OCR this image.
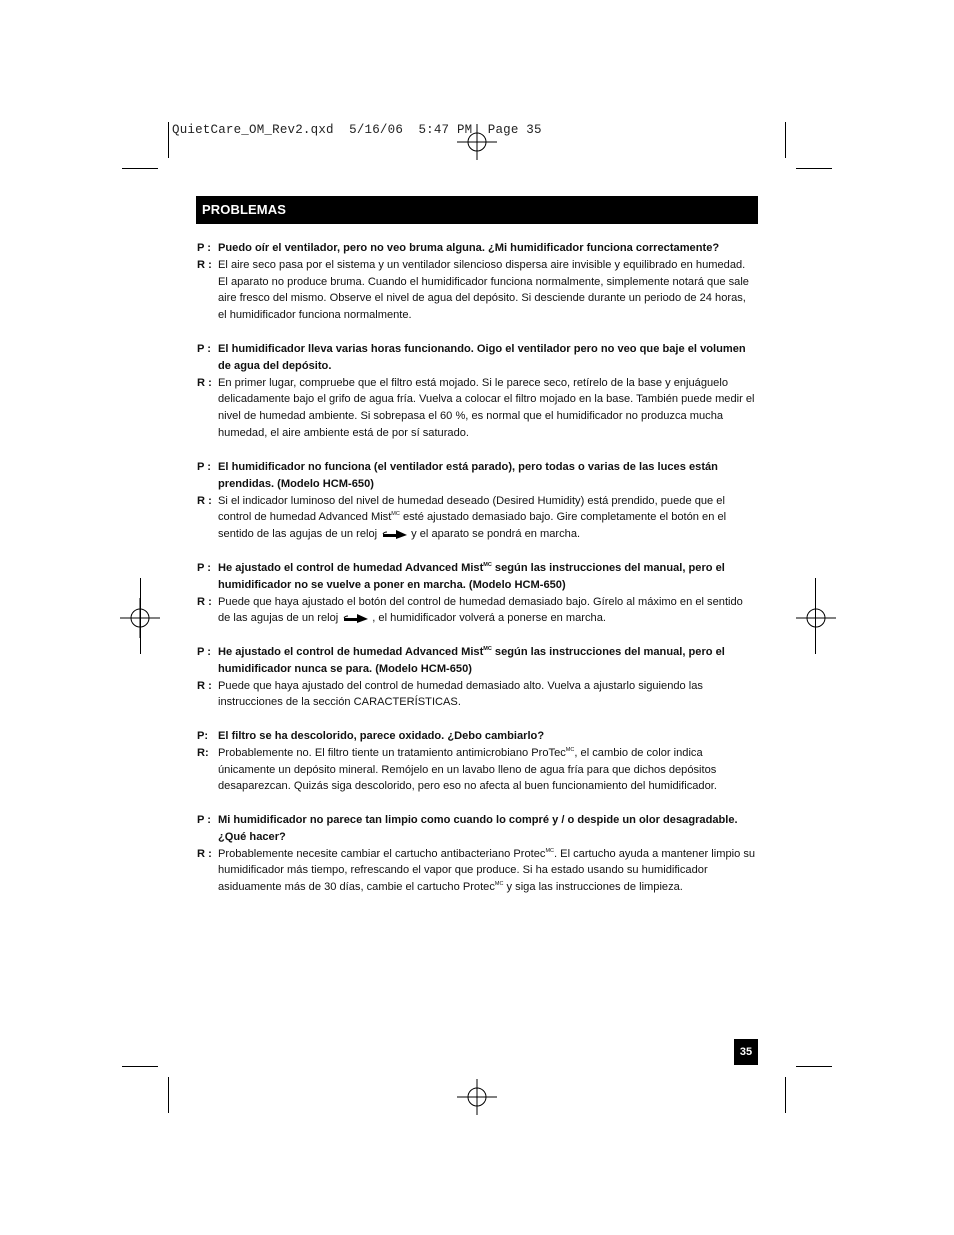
QuietCare_OM_Rev2.qxd  5/16/06  5:47 PM  Page 35
PROBLEMAS
P : Puedo oír el ventilador, pero no veo bruma alguna. ¿Mi humidificador funciona correctamente?
R : El aire seco pasa por el sistema y un ventilador silencioso dispersa aire invisible y equilibrado en humedad. El aparato no produce bruma. Cuando el humidificador funciona normalmente, simplemente notará que sale aire fresco del mismo. Observe el nivel de agua del depósito. Si desciende durante un periodo de 24 horas, el humidificador funciona normalmente.
P : El humidificador lleva varias horas funcionando. Oigo el ventilador pero no veo que baje el volumen de agua del depósito.
R : En primer lugar, compruebe que el filtro está mojado. Si le parece seco, retírelo de la base y enjuáguelo delicadamente bajo el grifo de agua fría. Vuelva a colocar el filtro mojado en la base. También puede medir el nivel de humedad ambiente. Si sobrepasa el 60 %, es normal que el humidificador no produzca mucha humedad, el aire ambiente está de por sí saturado.
P : El humidificador no funciona (el ventilador está parado), pero todas o varias de las luces están prendidas. (Modelo HCM-650)
R : Si el indicador luminoso del nivel de humedad deseado (Desired Humidity) está prendido, puede que el control de humedad Advanced Mist$^{MC}$ esté ajustado demasiado bajo. Gire completamente el botón en el sentido de las agujas de un reloj	y el aparato se pondrá en marcha.
P : He ajustado el control de humedad Advanced Mist$^{MC}$ según las instrucciones del manual, pero el humidificador no se vuelve a poner en marcha. (Modelo HCM-650)
R : Puede que haya ajustado el botón del control de humedad demasiado bajo. Gírelo al máximo en el sentido de las agujas de un reloj	, el humidificador volverá a ponerse en marcha.
P : He ajustado el control de humedad Advanced Mist$^{MC}$ según las instrucciones del manual, pero el humidificador nunca se para. (Modelo HCM-650)
R : Puede que haya ajustado del control de humedad demasiado alto. Vuelva a ajustarlo siguiendo las instrucciones de la sección CARACTERÍSTICAS.
P: El filtro se ha descolorido, parece oxidado. ¿Debo cambiarlo?
R: Probablemente no. El filtro tiente un tratamiento antimicrobiano ProTec$^{MC}$, el cambio de color indica únicamente un depósito mineral. Remójelo en un lavabo lleno de agua fría para que dichos depósitos desaparezcan. Quizás siga descolorido, pero eso no afecta al buen funcionamiento del humidificador.
P : Mi humidificador no parece tan limpio como cuando lo compré y / o despide un olor desagradable. ¿Qué hacer?
R : Probablemente necesite cambiar el cartucho antibacteriano Protec$^{MC}$. El cartucho ayuda a mantener limpio su humidificador más tiempo, refrescando el vapor que produce. Si ha estado usando su humidificador asiduamente más de 30 días, cambie el cartucho Protec$^{MC}$ y siga las instrucciones de limpieza.
35
